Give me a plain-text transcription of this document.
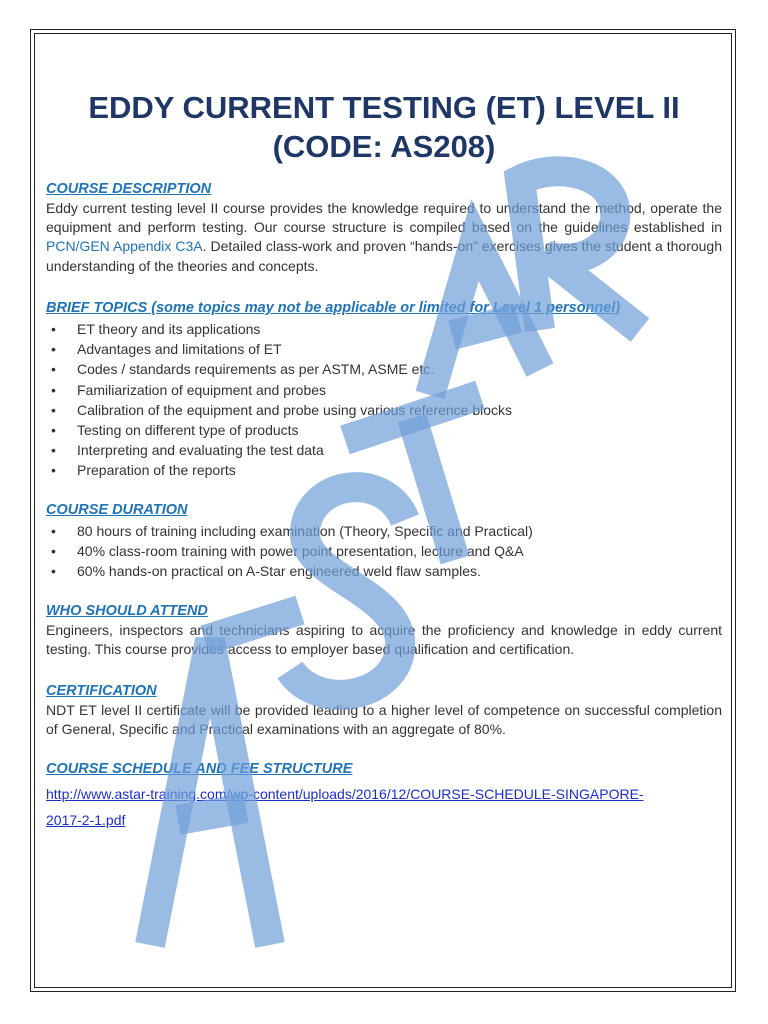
EDDY CURRENT TESTING (ET) LEVEL II
(CODE: AS208)

COURSE DESCRIPTION

Eddy current testing level II course provides the knowledge required to understand the method, operate the equipment and perform testing. Our course structure is compiled based on the guidelines established in PCN/GEN Appendix C3A. Detailed class-work and proven “hands-on” exercises gives the student a thorough understanding of the theories and concepts.

BRIEF TOPICS (some topics may not be applicable or limited for Level 1 personnel)

• ET theory and its applications
• Advantages and limitations of ET
• Codes / standards requirements as per ASTM, ASME etc.
• Familiarization of equipment and probes
• Calibration of the equipment and probe using various reference blocks
• Testing on different type of products
• Interpreting and evaluating the test data
• Preparation of the reports

COURSE DURATION

• 80 hours of training including examination (Theory, Specific and Practical)
• 40% class-room training with power point presentation, lecture and Q&A
• 60% hands-on practical on A-Star engineered weld flaw samples.

WHO SHOULD ATTEND

Engineers, inspectors and technicians aspiring to acquire the proficiency and knowledge in eddy current testing. This course provides access to employer based qualification and certification.

CERTIFICATION

NDT ET level II certificate will be provided leading to a higher level of competence on successful completion of General, Specific and Practical examinations with an aggregate of 80%.

COURSE SCHEDULE AND FEE STRUCTURE

http://www.astar-training.com/wp-content/uploads/2016/12/COURSE-SCHEDULE-SINGAPORE-
2017-2-1.pdf
